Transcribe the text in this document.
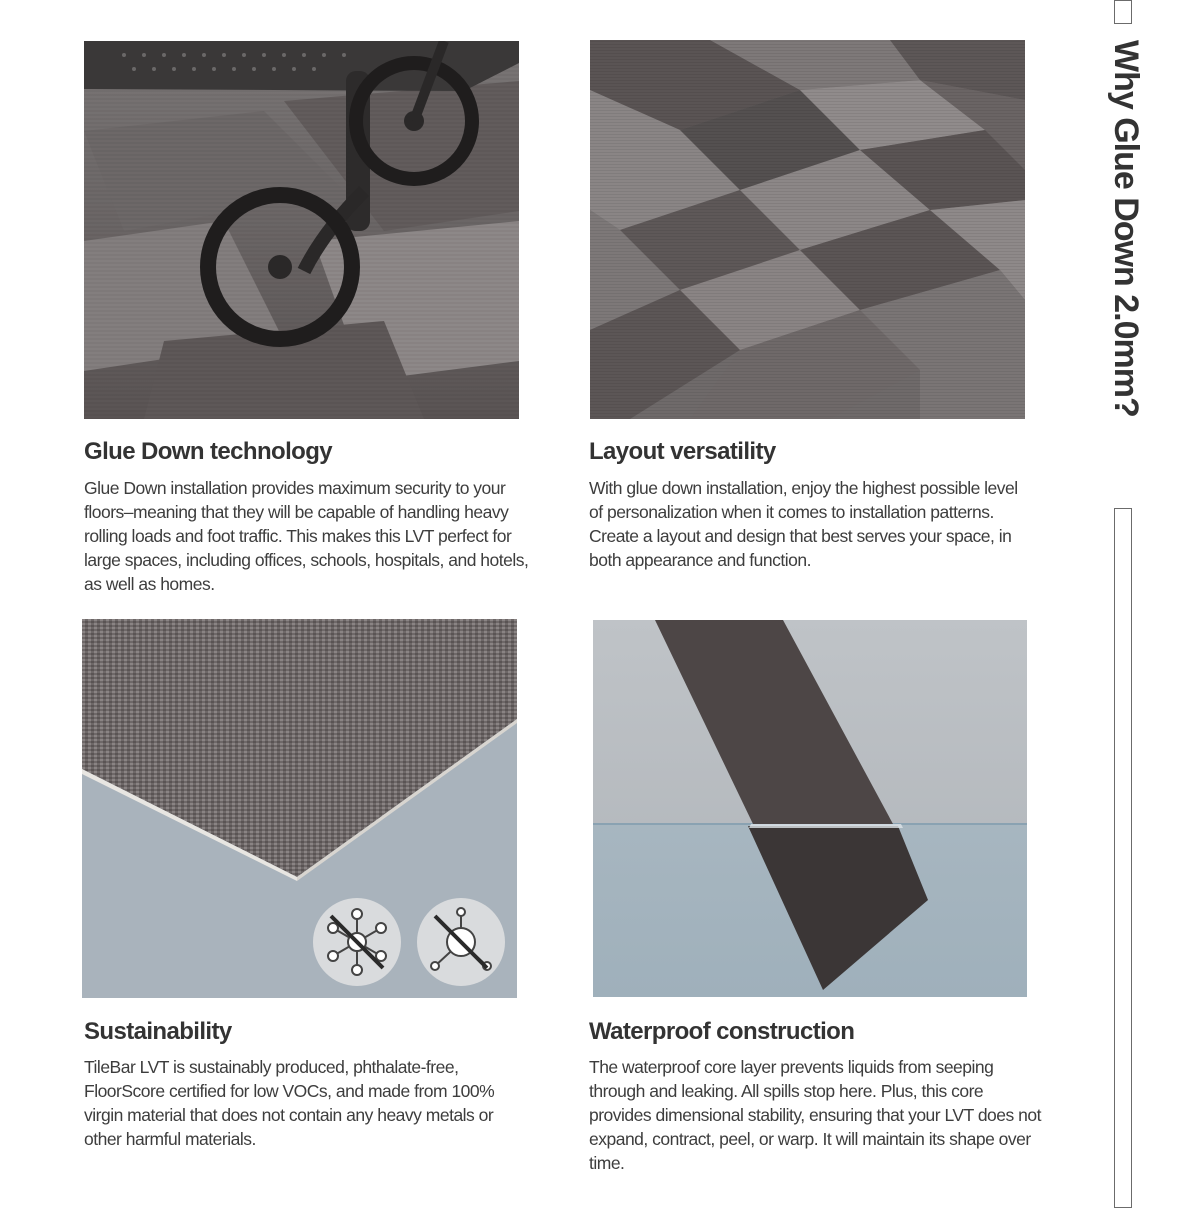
Why Glue Down 2.0mm?
Glue Down technology

Glue Down installation provides maximum security to your floors–meaning that they will be capable of handling heavy rolling loads and foot traffic. This makes this LVT perfect for large spaces, including offices, schools, hospitals, and hotels, as well as homes.

Layout versatility

With glue down installation, enjoy the highest possible level of personalization when it comes to installation patterns. Create a layout and design that best serves your space, in both appearance and function.

Sustainability

TileBar LVT is sustainably produced, phthalate-free, FloorScore certified for low VOCs, and made from 100% virgin material that does not contain any heavy metals or other harmful materials.

Waterproof construction

The waterproof core layer prevents liquids from seeping through and leaking. All spills stop here. Plus, this core provides dimensional stability, ensuring that your LVT does not expand, contract, peel, or warp. It will maintain its shape over time.
